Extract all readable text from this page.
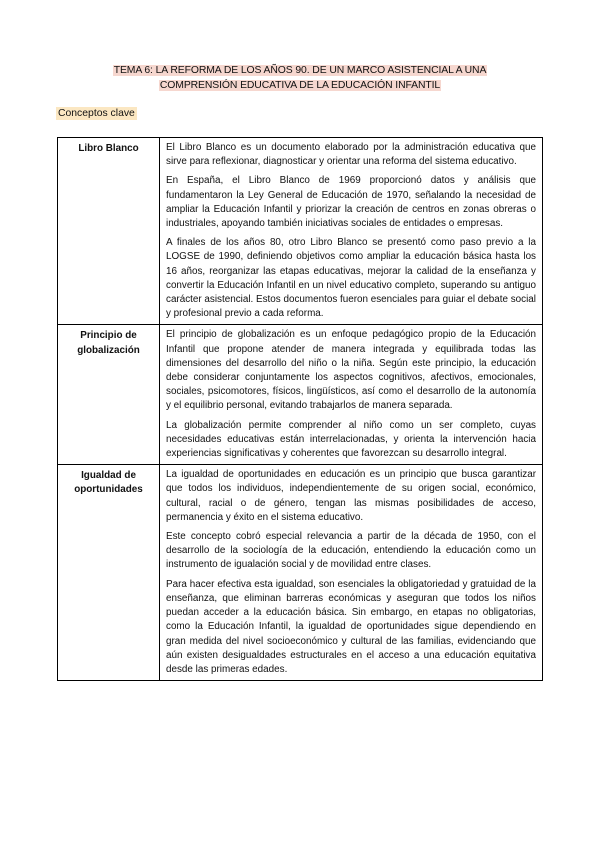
TEMA 6: LA REFORMA DE LOS AÑOS 90. DE UN MARCO ASISTENCIAL A UNA
COMPRENSIÓN EDUCATIVA DE LA EDUCACIÓN INFANTIL
Conceptos clave
Libro Blanco	El Libro Blanco es un documento elaborado por la administración educativa que sirve para reflexionar, diagnosticar y orientar una reforma del sistema educativo.

En España, el Libro Blanco de 1969 proporcionó datos y análisis que fundamentaron la Ley General de Educación de 1970, señalando la necesidad de ampliar la Educación Infantil y priorizar la creación de centros en zonas obreras o industriales, apoyando también iniciativas sociales de entidades o empresas.

A finales de los años 80, otro Libro Blanco se presentó como paso previo a la LOGSE de 1990, definiendo objetivos como ampliar la educación básica hasta los 16 años, reorganizar las etapas educativas, mejorar la calidad de la enseñanza y convertir la Educación Infantil en un nivel educativo completo, superando su antiguo carácter asistencial. Estos documentos fueron esenciales para guiar el debate social y profesional previo a cada reforma.

Principio de globalización	El principio de globalización es un enfoque pedagógico propio de la Educación Infantil que propone atender de manera integrada y equilibrada todas las dimensiones del desarrollo del niño o la niña. Según este principio, la educación debe considerar conjuntamente los aspectos cognitivos, afectivos, emocionales, sociales, psicomotores, físicos, lingüísticos, así como el desarrollo de la autonomía y el equilibrio personal, evitando trabajarlos de manera separada.

La globalización permite comprender al niño como un ser completo, cuyas necesidades educativas están interrelacionadas, y orienta la intervención hacia experiencias significativas y coherentes que favorezcan su desarrollo integral.

Igualdad de oportunidades	La igualdad de oportunidades en educación es un principio que busca garantizar que todos los individuos, independientemente de su origen social, económico, cultural, racial o de género, tengan las mismas posibilidades de acceso, permanencia y éxito en el sistema educativo.

Este concepto cobró especial relevancia a partir de la década de 1950, con el desarrollo de la sociología de la educación, entendiendo la educación como un instrumento de igualación social y de movilidad entre clases.

Para hacer efectiva esta igualdad, son esenciales la obligatoriedad y gratuidad de la enseñanza, que eliminan barreras económicas y aseguran que todos los niños puedan acceder a la educación básica. Sin embargo, en etapas no obligatorias, como la Educación Infantil, la igualdad de oportunidades sigue dependiendo en gran medida del nivel socioeconómico y cultural de las familias, evidenciando que aún existen desigualdades estructurales en el acceso a una educación equitativa desde las primeras edades.
